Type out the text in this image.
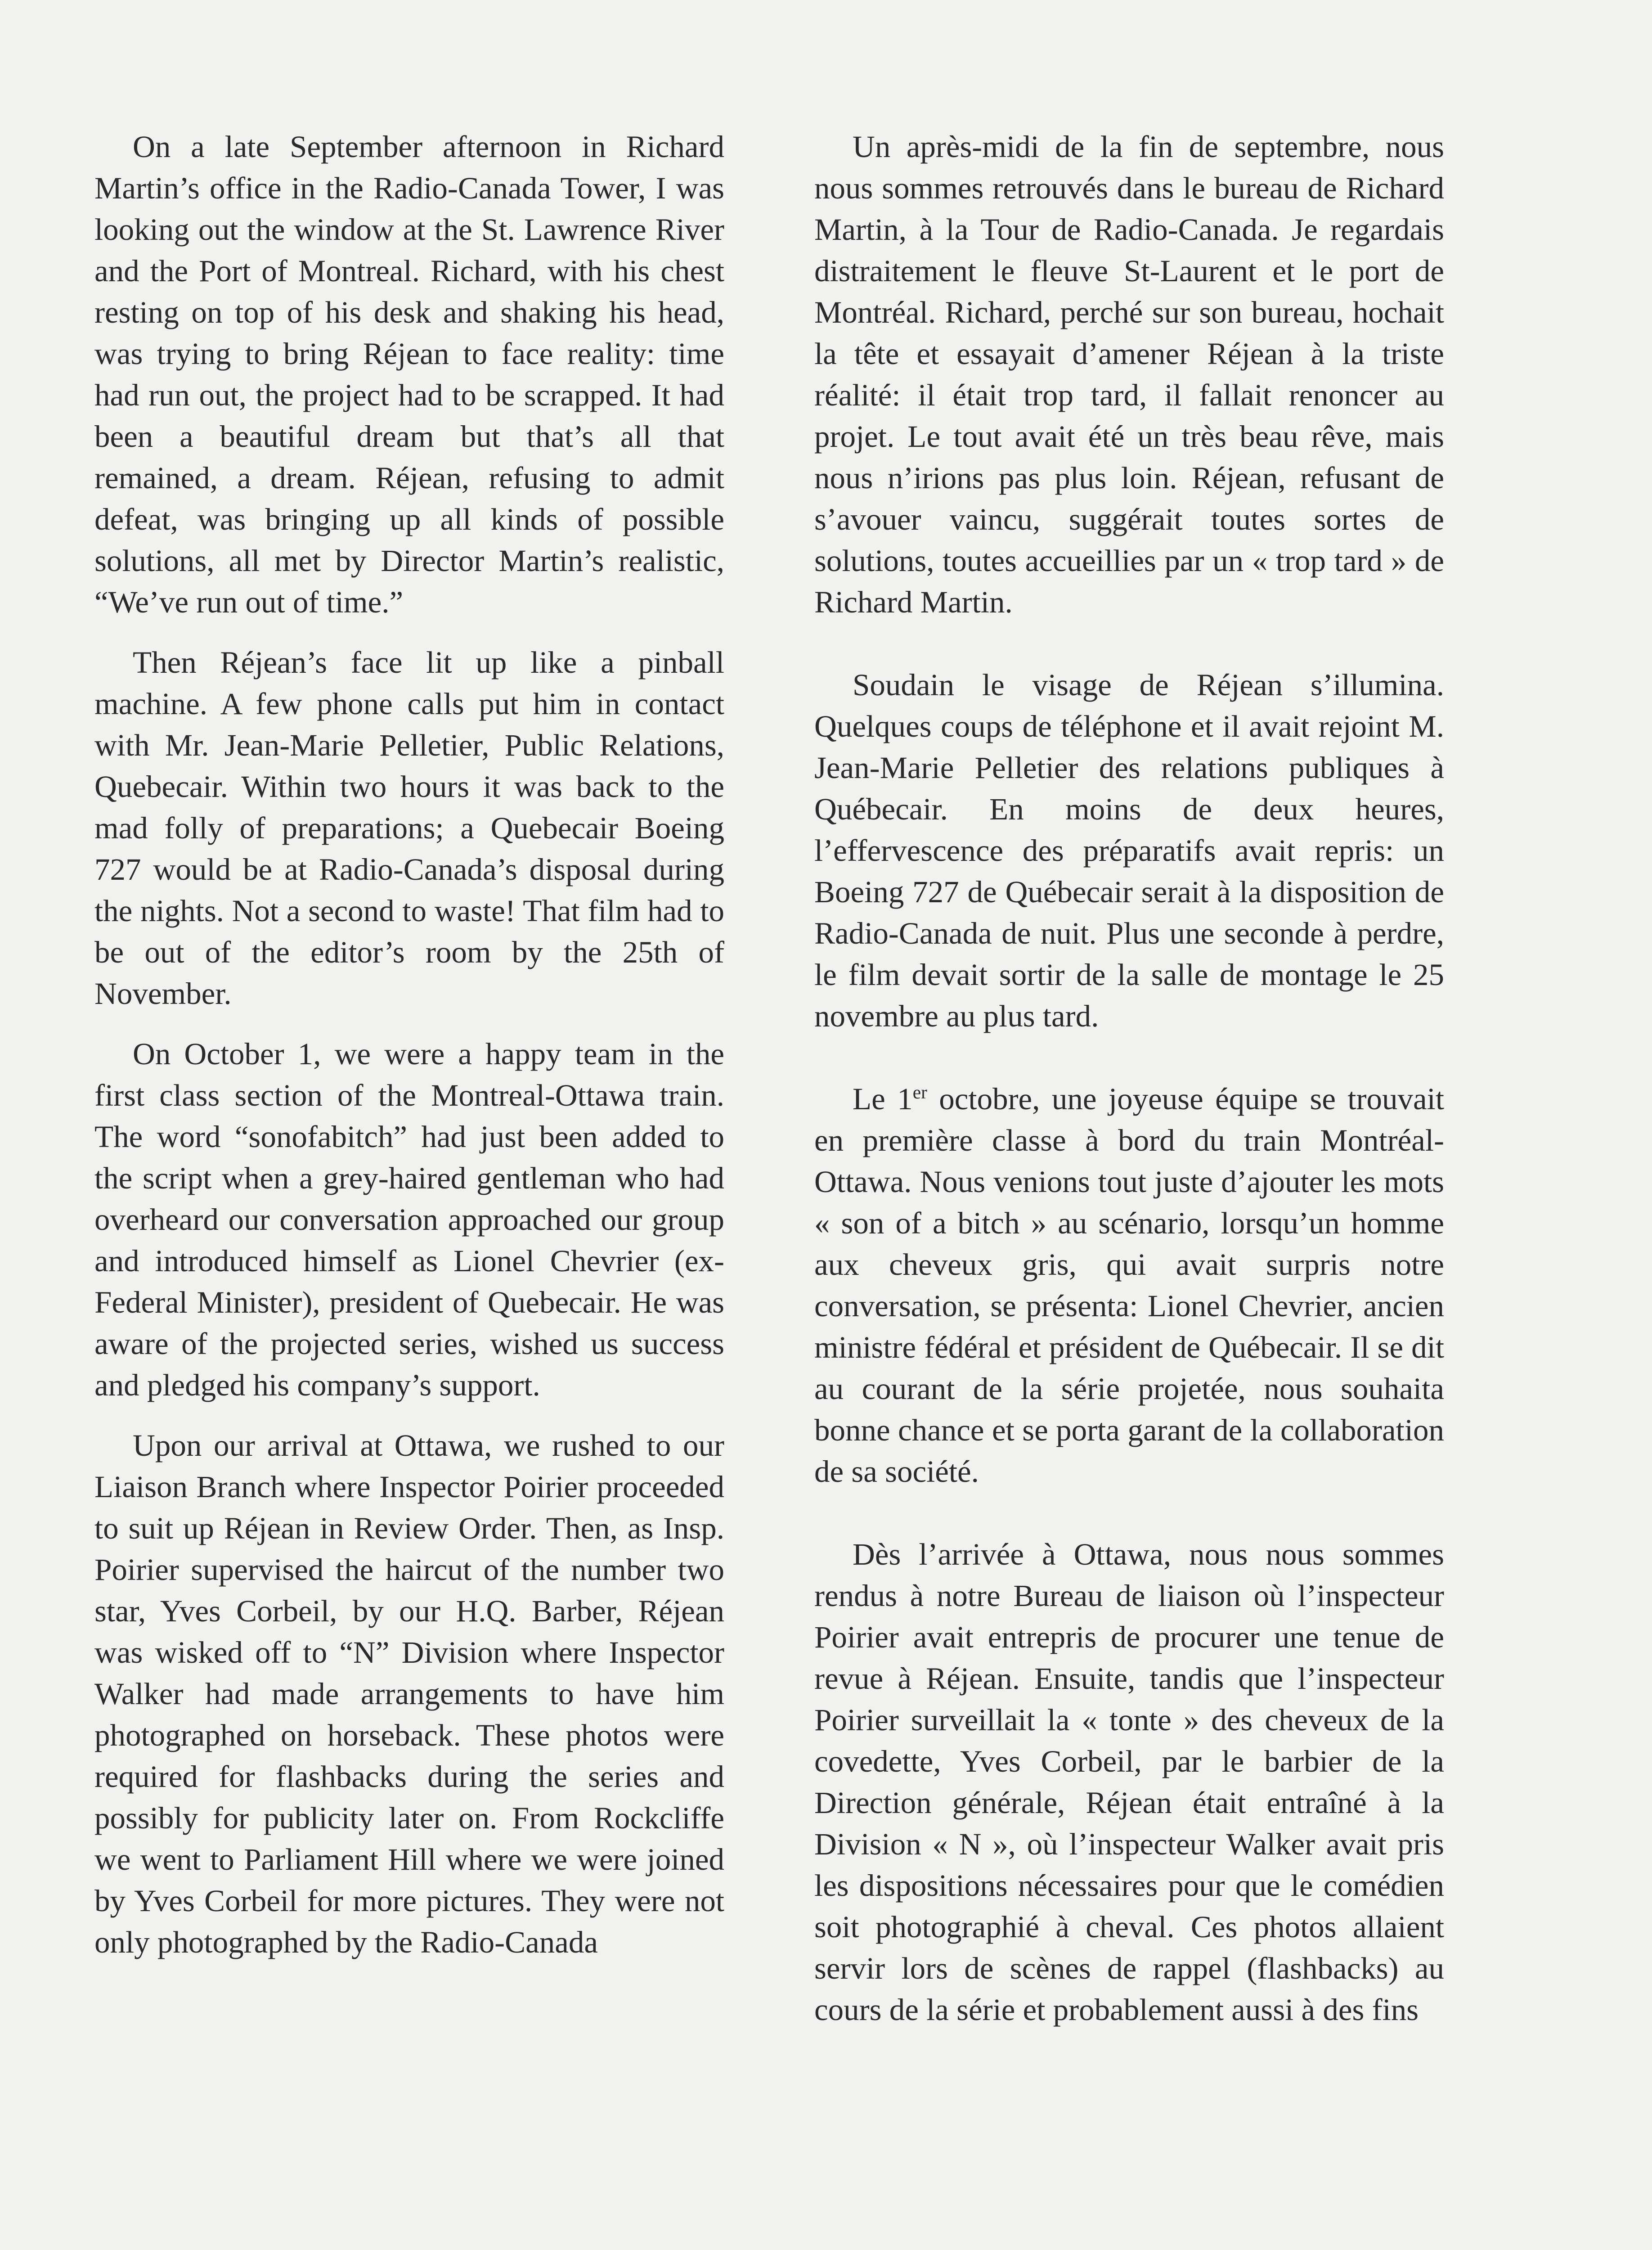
On a late September afternoon in Richard Martin’s office in the Radio-Canada Tower, I was looking out the window at the St. Lawrence River and the Port of Montreal. Richard, with his chest resting on top of his desk and shaking his head, was trying to bring Réjean to face reality: time had run out, the project had to be scrapped. It had been a beautiful dream but that’s all that remained, a dream. Réjean, refusing to admit defeat, was bringing up all kinds of possible solutions, all met by Director Martin’s realistic, “We’ve run out of time.”

Then Réjean’s face lit up like a pinball machine. A few phone calls put him in contact with Mr. Jean-Marie Pelletier, Public Relations, Quebecair. Within two hours it was back to the mad folly of preparations; a Quebecair Boeing 727 would be at Radio-Canada’s disposal during the nights. Not a second to waste! That film had to be out of the editor’s room by the 25th of November.

On October 1, we were a happy team in the first class section of the Montreal-Ottawa train. The word “sonofabitch” had just been added to the script when a grey-haired gentleman who had overheard our conversation approached our group and introduced himself as Lionel Chevrier (ex-Federal Minister), president of Quebecair. He was aware of the projected series, wished us success and pledged his company’s support.

Upon our arrival at Ottawa, we rushed to our Liaison Branch where Inspector Poirier proceeded to suit up Réjean in Review Order. Then, as Insp. Poirier supervised the haircut of the number two star, Yves Corbeil, by our H.Q. Barber, Réjean was wisked off to “N” Division where Inspector Walker had made arrangements to have him photographed on horseback. These photos were required for flashbacks during the series and possibly for publicity later on. From Rockcliffe we went to Parliament Hill where we were joined by Yves Corbeil for more pictures. They were not only photographed by the Radio-Canada

Un après-midi de la fin de septembre, nous nous sommes retrouvés dans le bureau de Richard Martin, à la Tour de Radio-Canada. Je regardais distraitement le fleuve St-Laurent et le port de Montréal. Richard, perché sur son bureau, hochait la tête et essayait d’amener Réjean à la triste réalité: il était trop tard, il fallait renoncer au projet. Le tout avait été un très beau rêve, mais nous n’irions pas plus loin. Réjean, refusant de s’avouer vaincu, suggérait toutes sortes de solutions, toutes accueillies par un « trop tard » de Richard Martin.

Soudain le visage de Réjean s’illumina. Quelques coups de téléphone et il avait rejoint M. Jean-Marie Pelletier des relations publiques à Québecair. En moins de deux heures, l’effervescence des préparatifs avait repris: un Boeing 727 de Québecair serait à la disposition de Radio-Canada de nuit. Plus une seconde à perdre, le film devait sortir de la salle de montage le 25 novembre au plus tard.

Le 1er octobre, une joyeuse équipe se trouvait en première classe à bord du train Montréal-Ottawa. Nous venions tout juste d’ajouter les mots « son of a bitch » au scénario, lorsqu’un homme aux cheveux gris, qui avait surpris notre conversation, se présenta: Lionel Chevrier, ancien ministre fédéral et président de Québecair. Il se dit au courant de la série projetée, nous souhaita bonne chance et se porta garant de la collaboration de sa société.

Dès l’arrivée à Ottawa, nous nous sommes rendus à notre Bureau de liaison où l’inspecteur Poirier avait entrepris de procurer une tenue de revue à Réjean. Ensuite, tandis que l’inspecteur Poirier surveillait la « tonte » des cheveux de la covedette, Yves Corbeil, par le barbier de la Direction générale, Réjean était entraîné à la Division « N », où l’inspecteur Walker avait pris les dispositions nécessaires pour que le comédien soit photographié à cheval. Ces photos allaient servir lors de scènes de rappel (flashbacks) au cours de la série et probablement aussi à des fins
